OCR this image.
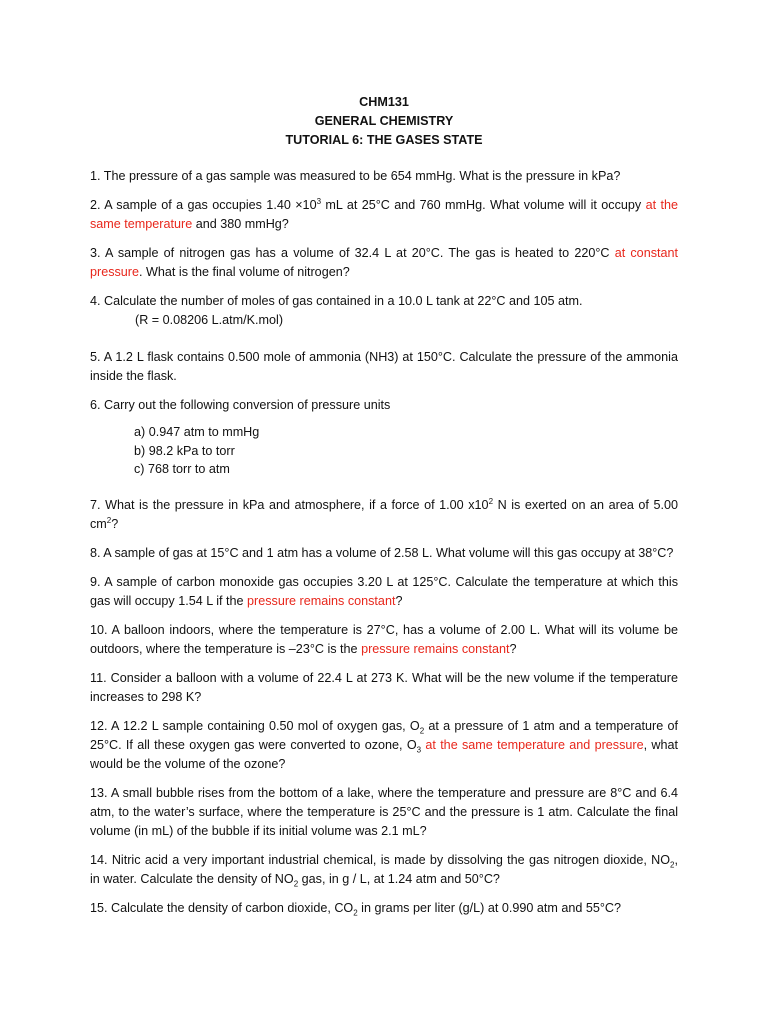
CHM131
GENERAL CHEMISTRY
TUTORIAL 6: THE GASES STATE

1. The pressure of a gas sample was measured to be 654 mmHg. What is the pressure in kPa?

2. A sample of a gas occupies $1.40 \times 10^3$ mL at 25°C and 760 mmHg. What volume will it occupy at the same temperature and 380 mmHg?

3. A sample of nitrogen gas has a volume of 32.4 L at 20°C. The gas is heated to 220°C at constant pressure. What is the final volume of nitrogen?

4. Calculate the number of moles of gas contained in a 10.0 L tank at 22°C and 105 atm.

(R = 0.08206 L.atm/K.mol)

5. A 1.2 L flask contains 0.500 mole of ammonia (NH3) at 150°C. Calculate the pressure of the ammonia inside the flask.

6. Carry out the following conversion of pressure units

a) 0.947 atm to mmHg
b) 98.2 kPa to torr
c) 768 torr to atm

7. What is the pressure in kPa and atmosphere, if a force of 1.00 $x10^2$ N is exerted on an area of 5.00 $cm^2$?

8. A sample of gas at 15°C and 1 atm has a volume of 2.58 L. What volume will this gas occupy at 38°C?

9. A sample of carbon monoxide gas occupies 3.20 L at 125°C. Calculate the temperature at which this gas will occupy 1.54 L if the pressure remains constant?

10. A balloon indoors, where the temperature is 27°C, has a volume of 2.00 L. What will its volume be outdoors, where the temperature is –23°C is the pressure remains constant?

11. Consider a balloon with a volume of 22.4 L at 273 K. What will be the new volume if the temperature increases to 298 K?

12. A 12.2 L sample containing 0.50 mol of oxygen gas, $O_2$ at a pressure of 1 atm and a temperature of 25°C. If all these oxygen gas were converted to ozone, $O_3$ at the same temperature and pressure, what would be the volume of the ozone?

13. A small bubble rises from the bottom of a lake, where the temperature and pressure are 8°C and 6.4 atm, to the water’s surface, where the temperature is 25°C and the pressure is 1 atm. Calculate the final volume (in mL) of the bubble if its initial volume was 2.1 mL?

14. Nitric acid a very important industrial chemical, is made by dissolving the gas nitrogen dioxide, $NO_2$, in water. Calculate the density of $NO_2$ gas, in g / L, at 1.24 atm and 50°C?

15. Calculate the density of carbon dioxide, $CO_2$ in grams per liter (g/L) at 0.990 atm and 55°C?
